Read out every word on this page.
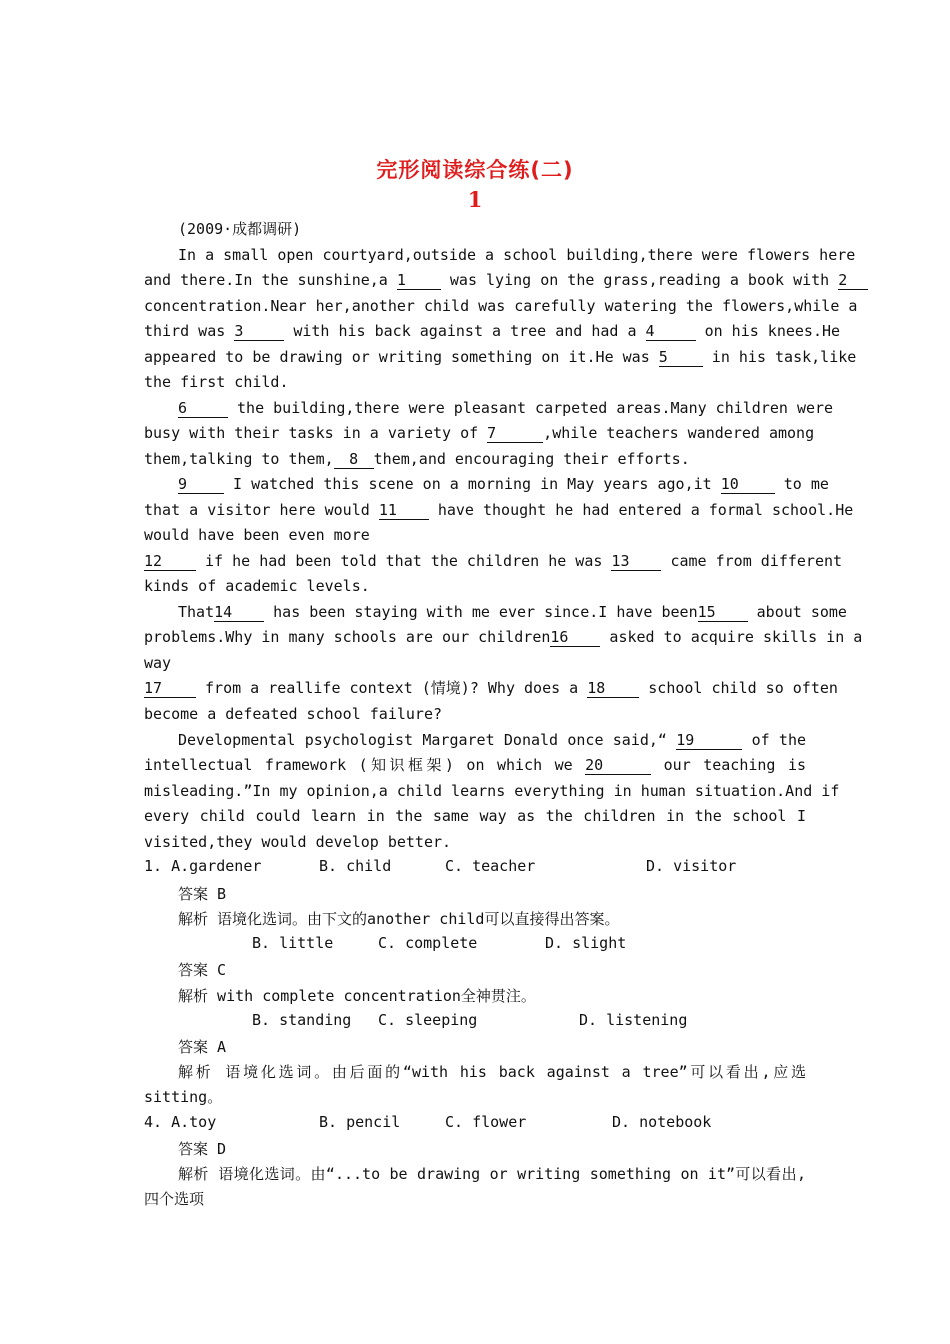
完形阅读综合练(二)
1
(2009·成都调研)
In a small open courtyard,outside a school building,there were flowers here
and there.In the sunshine,a 1	was lying on the grass,reading a book with 2
concentration.Near her,another child was carefully watering the flowers,while a
third was 3	with his back against a tree and had a 4	on his knees.He
appeared to be drawing or writing something on it.He was 5	in his task,like
the first child.
6	the building,there were pleasant carpeted areas.Many children were
busy with their tasks in a variety of 7	,while teachers wandered among
them,talking to them, 8 them,and encouraging their efforts.
9	I watched this scene on a morning in May years ago,it 10	to me
that a visitor here would 11	have thought he had entered a formal school.He
would have been even more
12	if he had been told that the children he was 13	came from different
kinds of academic levels.
That14	has been staying with me ever since.I have been15	about some
problems.Why in many schools are our children16	asked to acquire skills in a
way
17	from a reallife context (情境)? Why does a 18	school child so often
become a defeated school failure?
Developmental psychologist Margaret Donald once said,“ 19	of the
intellectual framework (知识框架) on which we 20	our teaching is
misleading.”In my opinion,a child learns everything in human situation.And if
every child could learn in the same way as the children in the school I
visited,they would develop better.
1. A.gardener	B. child	C. teacher	D. visitor
答案 B
解析 语境化选词。由下文的another child可以直接得出答案。
B. little	C. complete	D. slight
答案 C
解析 with complete concentration全神贯注。
B. standing C. sleeping	D. listening
答案 A
解析 语境化选词。由后面的“with his back against a tree”可以看出,应选
sitting。
4. A.toy	B. pencil	C. flower	D. notebook
答案 D
解析 语境化选词。由“...to be drawing or writing something on it”可以看出,
四个选项
